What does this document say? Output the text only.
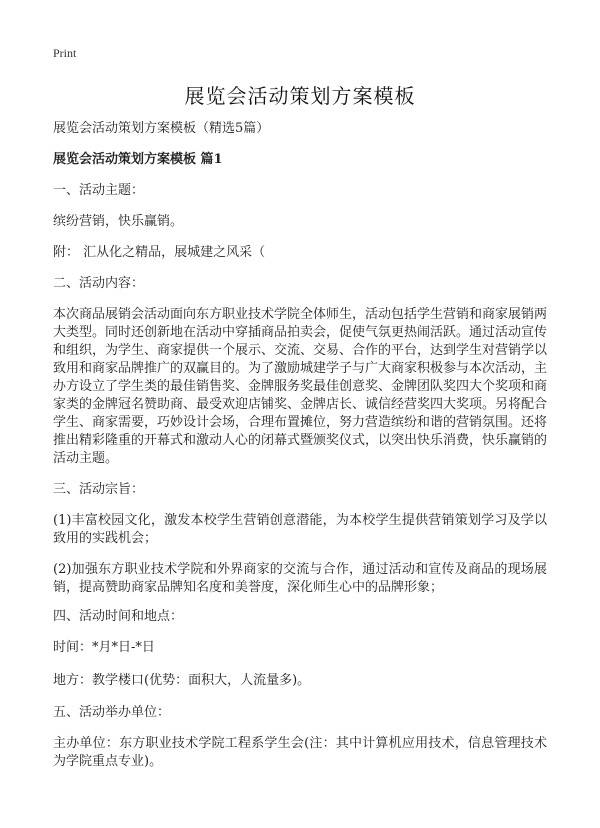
Print
展览会活动策划方案模板

展览会活动策划方案模板（精选5篇）

展览会活动策划方案模板 篇1

一、活动主题：

缤纷营销，快乐赢销。

附： 汇从化之精品，展城建之风采（

二、活动内容：

本次商品展销会活动面向东方职业技术学院全体师生，活动包括学生营销和商家展销两大类型。同时还创新地在活动中穿插商品拍卖会，促使气氛更热闹活跃。通过活动宣传和组织，为学生、商家提供一个展示、交流、交易、合作的平台，达到学生对营销学以致用和商家品牌推广的双赢目的。为了激励城建学子与广大商家积极参与本次活动，主办方设立了学生类的最佳销售奖、金牌服务奖最佳创意奖、金牌团队奖四大个奖项和商家类的金牌冠名赞助商、最受欢迎店铺奖、金牌店长、诚信经营奖四大奖项。另将配合学生、商家需要，巧妙设计会场，合理布置摊位，努力营造缤纷和谐的营销氛围。还将推出精彩隆重的开幕式和激动人心的闭幕式暨颁奖仪式，以突出快乐消费，快乐赢销的活动主题。

三、活动宗旨：

(1)丰富校园文化，激发本校学生营销创意潜能，为本校学生提供营销策划学习及学以致用的实践机会；

(2)加强东方职业技术学院和外界商家的交流与合作，通过活动和宣传及商品的现场展销，提高赞助商家品牌知名度和美誉度，深化师生心中的品牌形象；

四、活动时间和地点：

时间：*月*日-*日

地方：教学楼口(优势：面积大，人流量多)。

五、活动举办单位：

主办单位：东方职业技术学院工程系学生会(注：其中计算机应用技术，信息管理技术为学院重点专业)。
